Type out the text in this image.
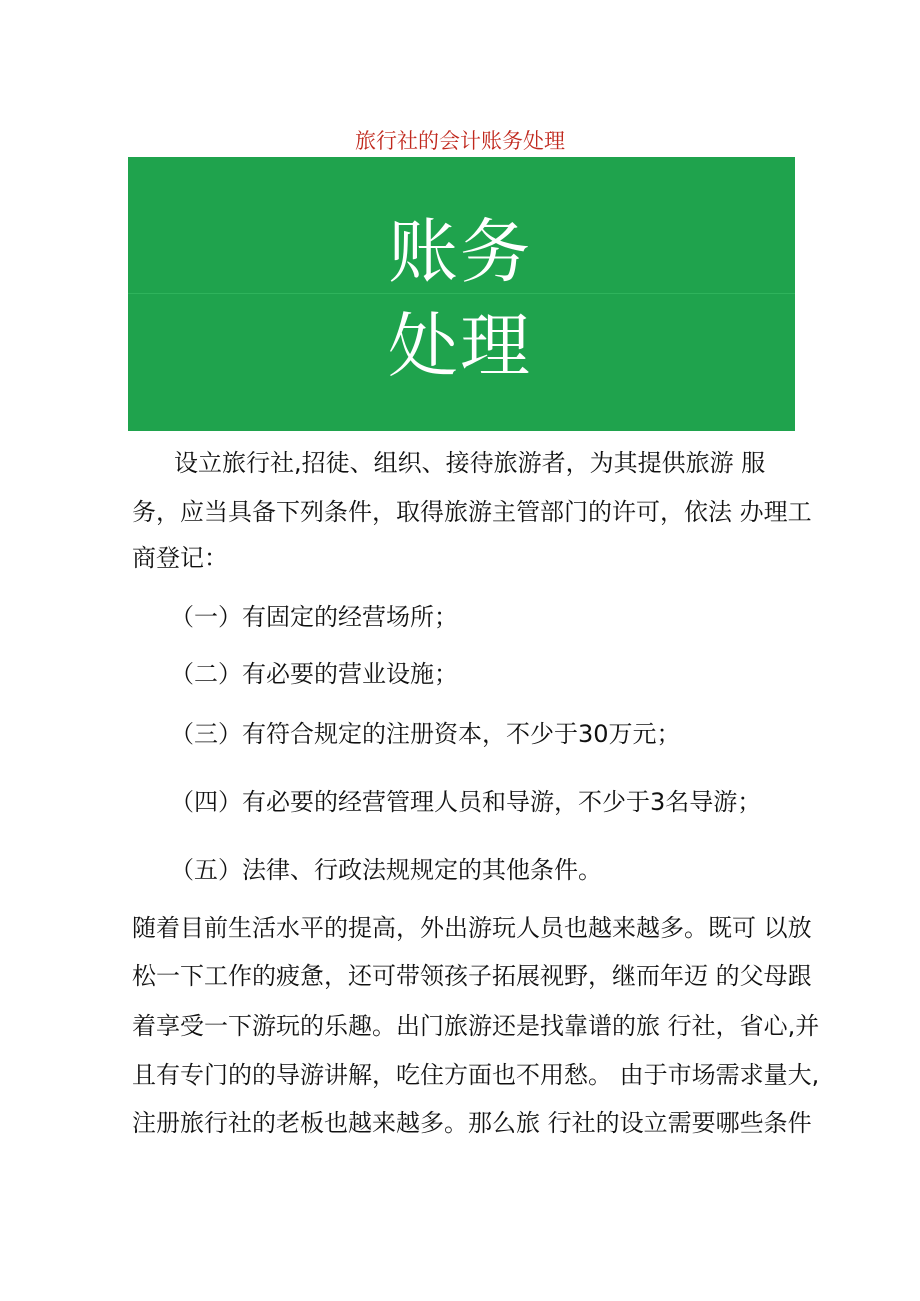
旅行社的会计账务处理
账务
处理
设立旅行社,招徒、组织、接待旅游者，为其提供旅游 服
务，应当具备下列条件，取得旅游主管部门的许可，依法 办理工
商登记：
（一）有固定的经营场所；
（二）有必要的营业设施；
（三）有符合规定的注册资本，不少于30万元；
（四）有必要的经营管理人员和导游，不少于3名导游；
（五）法律、行政法规规定的其他条件。
随着目前生活水平的提高，外出游玩人员也越来越多。既可 以放
松一下工作的疲惫，还可带领孩子拓展视野，继而年迈 的父母跟
着享受一下游玩的乐趣。出门旅游还是找靠谱的旅 行社，省心,并
且有专门的的导游讲解，吃住方面也不用愁。 由于市场需求量大,
注册旅行社的老板也越来越多。那么旅 行社的设立需要哪些条件
